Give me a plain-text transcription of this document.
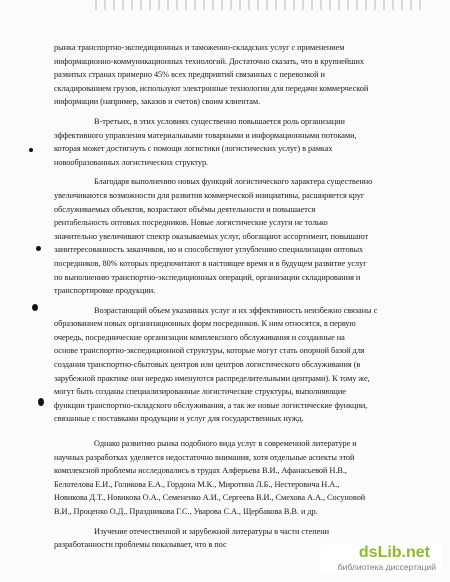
рынка транспортно-экспедиционных и таможенно-складских услуг с применением
информационно-коммуникационных технологий. Достаточно сказать, что в крупнейших
развитых странах примерно 45% всех предприятий связанных с перевозкой и
складированием грузов, используют электронные технологии для передачи коммерческой
информации (например, заказов и счетов) своим клиентам.

В-третьих, в этих условиях существенно повышается роль организации
эффективного управления материальными товарными и информационными потоками,
которая может достигнуть с помощи логистики (логистических услуг) в рамках
новообразованных логистических структур.

Благодаря выполнению новых функций логистического характера существенно
увеличиваются возможности для развития коммерческой инициативы, расширяется круг
обслуживаемых объектов, возрастают объёмы деятельности и повышается
рентабельность оптовых посредников. Новые логистические услуги не только
значительно увеличивают спектр оказываемых услуг, обогащают ассортимент, повышают
заинтересованность заказчиков, но и способствуют углублению специализации оптовых
посредников, 80% которых предпочитают в настоящее время и в будущем развитие услуг
по выполнению транспортно-экспедиционных операций, организации складирования и
транспортировке продукции.

Возрастающий объем указанных услуг и их эффективность неизбежно связаны с
образованием новых организационных форм посредников. К ним относятся, в первую
очередь, посреднические организации комплексного обслуживания и созданные на
основе транспортно-экспедиционной структуры, которые могут стать опорной базой для
создания транспортно-сбытовых центров или центров логистического обслуживания (в
зарубежной практике они нередко именуются распределительными центрами). К тому же,
могут быть созданы специализированные логистические структуры, выполняющие
функции транспортно-складского обслуживания, а так же новые логистические функции,
связанные с поставками продукции и услуг для государственных нужд.

Однако развитию рынка подобного вида услуг в современной литературе и
научных разработках уделяется недостаточно внимания, хотя отдельные аспекты этой
комплексной проблемы исследовались в трудах Алферьева В.И., Афанасьевой Н.В.,
Белотелова Е.И., Голикова Е.А., Гордона М.К., Миротина Л.Б., Нестеровича Н.А.,
Новикова Д.Т., Новикова О.А., Семененко А.И., Сергеева В.И., Смехова А.А., Сосуновой
В.И., Проценко О.Д., Праздникова Г.С., Уварова С.А., Щербакова В.В. и др.

Изучение отечественной и зарубежной литературы в части степени
разработанности проблемы показывает, что в пос	dsLib.net
библиотека диссертаций
